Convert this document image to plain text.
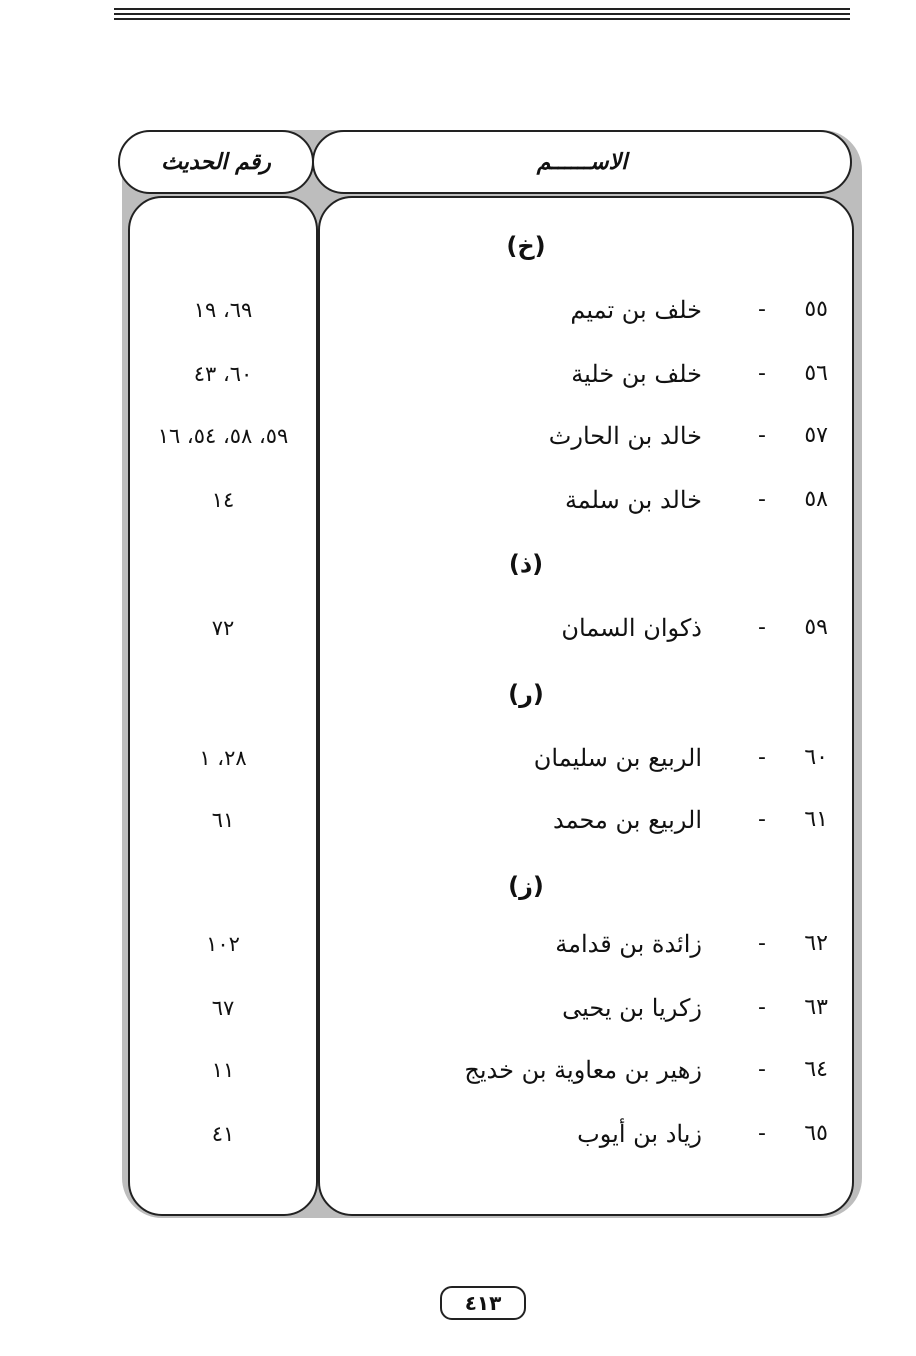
الاســــــم
رقم الحديث
(خ)
٥٥
-
خلف بن تميم
٦٩، ١٩
٥٦
-
خلف بن خلية
٦٠، ٤٣
٥٧
-
خالد بن الحارث
٥٩، ٥٨، ٥٤، ١٦
٥٨
-
خالد بن سلمة
١٤
(ذ)
٥٩
-
ذكوان السمان
٧٢
(ر)
٦٠
-
الربيع بن سليمان
٢٨، ١
٦١
-
الربيع بن محمد
٦١
(ز)
٦٢
-
زائدة بن قدامة
١٠٢
٦٣
-
زكريا بن يحيى
٦٧
٦٤
-
زهير بن معاوية بن خديج
١١
٦٥
-
زياد بن أيوب
٤١
٤١٣
